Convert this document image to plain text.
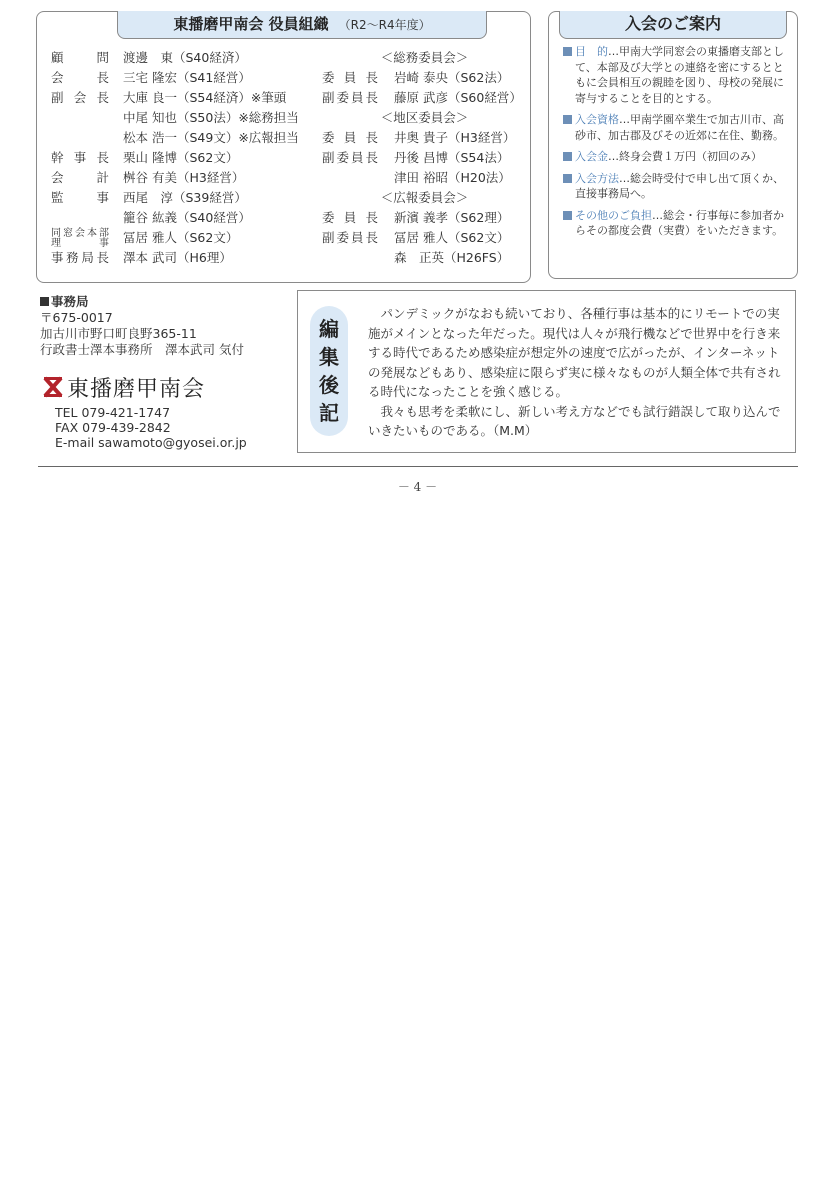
東播磨甲南会 役員組織 （R2〜R4年度）
顧問 渡邊　東（S40経済）
会長 三宅 隆宏（S41経営）
副会長 大庫 良一（S54経済）※筆頭
中尾 知也（S50法）※総務担当
松本 浩一（S49文）※広報担当
幹事長 栗山 隆博（S62文）
会計 桝谷 有美（H3経営）
監事 西尾　淳（S39経営）
籠谷 紘義（S40経営）
同窓会本部理事 冨居 雅人（S62文）
事務局長 澤本 武司（H6理）
＜総務委員会＞
委員長 岩崎 泰央（S62法）
副委員長 藤原 武彦（S60経営）
＜地区委員会＞
委員長 井奥 貴子（H3経営）
副委員長 丹後 昌博（S54法）
津田 裕昭（H20法）
＜広報委員会＞
委員長 新濱 義孝（S62理）
副委員長 冨居 雅人（S62文）
森　正英（H26FS）
入会のご案内
目　的…甲南大学同窓会の東播磨支部として、本部及び大学との連絡を密にするとともに会員相互の親睦を図り、母校の発展に寄与することを目的とする。
入会資格…甲南学園卒業生で加古川市、高砂市、加古郡及びその近郊に在住、勤務。
入会金…終身会費１万円（初回のみ）
入会方法…総会時受付で申し出て頂くか、直接事務局へ。
その他のご負担…総会・行事毎に参加者からその都度会費（実費）をいただきます。
事務局
〒675-0017
加古川市野口町良野365-11
行政書士澤本事務所　澤本武司 気付
東播磨甲南会
TEL 079-421-1747
FAX 079-439-2842
E-mail sawamoto@gyosei.or.jp
編
集
後
記
パンデミックがなおも続いており、各種行事は基本的にリモートでの実施がメインとなった年だった。現代は人々が飛行機などで世界中を行き来する時代であるため感染症が想定外の速度で広がったが、インターネットの発展などもあり、感染症に限らず実に様々なものが人類全体で共有される時代になったことを強く感じる。
我々も思考を柔軟にし、新しい考え方などでも試行錯誤して取り込んでいきたいものである。（M.M）
－ 4 －
